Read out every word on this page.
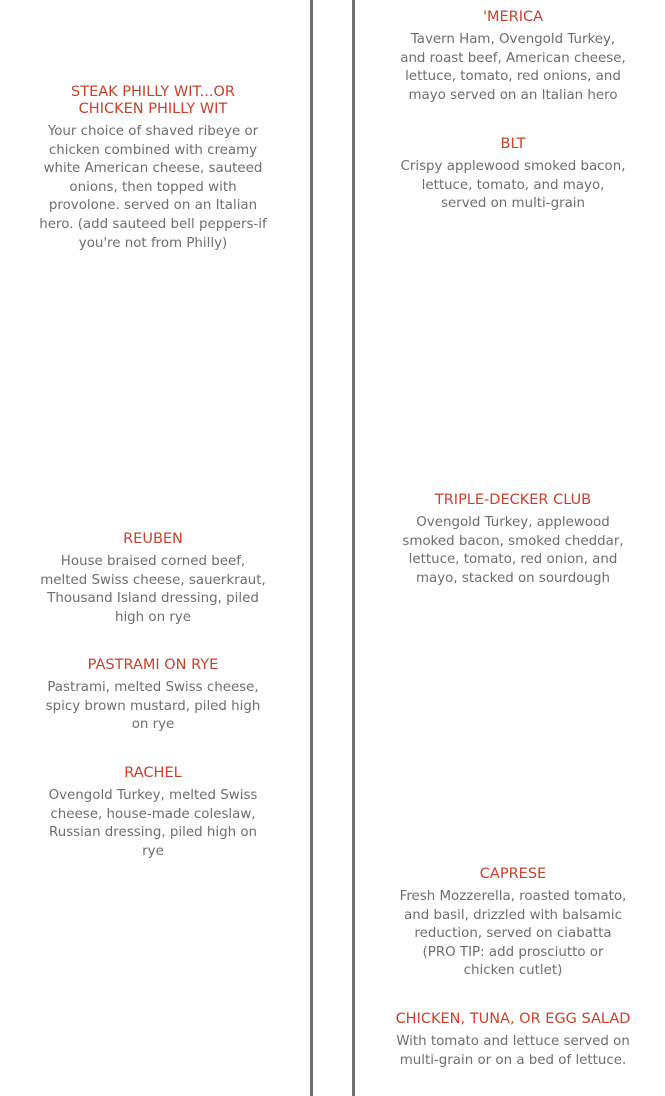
STEAK PHILLY WIT...OR CHICKEN PHILLY WIT

Your choice of shaved ribeye or chicken combined with creamy white American cheese, sauteed onions, then topped with provolone. served on an Italian hero. (add sauteed bell peppers-if you're not from Philly)

REUBEN

House braised corned beef, melted Swiss cheese, sauerkraut, Thousand Island dressing, piled high on rye

PASTRAMI ON RYE

Pastrami, melted Swiss cheese, spicy brown mustard, piled high on rye

RACHEL

Ovengold Turkey, melted Swiss cheese, house-made coleslaw, Russian dressing, piled high on rye

'MERICA

Tavern Ham, Ovengold Turkey, and roast beef, American cheese, lettuce, tomato, red onions, and mayo served on an Italian hero

BLT

Crispy applewood smoked bacon, lettuce, tomato, and mayo, served on multi-grain

TRIPLE-DECKER CLUB

Ovengold Turkey, applewood smoked bacon, smoked cheddar, lettuce, tomato, red onion, and mayo, stacked on sourdough

CAPRESE

Fresh Mozzerella, roasted tomato, and basil, drizzled with balsamic reduction, served on ciabatta (PRO TIP: add prosciutto or chicken cutlet)

CHICKEN, TUNA, OR EGG SALAD

With tomato and lettuce served on multi-grain or on a bed of lettuce.
